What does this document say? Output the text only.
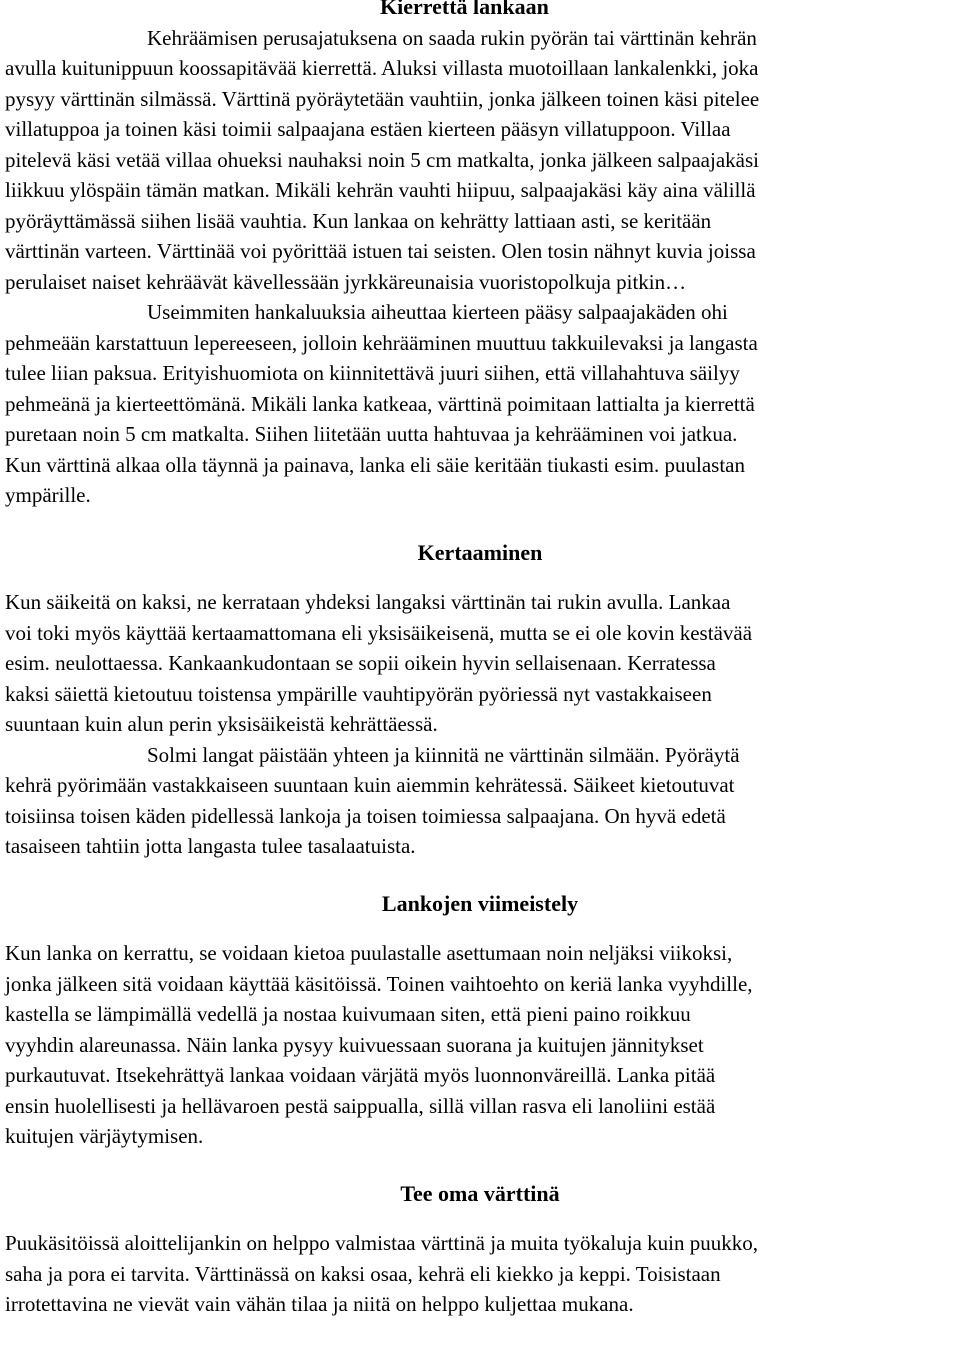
Kierrettä lankaan
Kehräämisen perusajatuksena on saada rukin pyörän tai värttinän kehrän
avulla kuitunippuun koossapitävää kierrettä. Aluksi villasta muotoillaan lankalenkki, joka
pysyy värttinän silmässä. Värttinä pyöräytetään vauhtiin, jonka jälkeen toinen käsi pitelee
villatuppoa ja toinen käsi toimii salpaajana estäen kierteen pääsyn villatuppoon. Villaa
pitelevä käsi vetää villaa ohueksi nauhaksi noin 5 cm matkalta, jonka jälkeen salpaajakäsi
liikkuu ylöspäin tämän matkan. Mikäli kehrän vauhti hiipuu, salpaajakäsi käy aina välillä
pyöräyttämässä siihen lisää vauhtia. Kun lankaa on kehrätty lattiaan asti, se keritään
värttinän varteen. Värttinää voi pyörittää istuen tai seisten. Olen tosin nähnyt kuvia joissa
perulaiset naiset kehräävät kävellessään jyrkkäreunaisia vuoristopolkuja pitkin…
Useimmiten hankaluuksia aiheuttaa kierteen pääsy salpaajakäden ohi
pehmeään karstattuun lepereeseen, jolloin kehrääminen muuttuu takkuilevaksi ja langasta
tulee liian paksua. Erityishuomiota on kiinnitettävä juuri siihen, että villahahtuva säilyy
pehmeänä ja kierteettömänä. Mikäli lanka katkeaa, värttinä poimitaan lattialta ja kierrettä
puretaan noin 5 cm matkalta. Siihen liitetään uutta hahtuvaa ja kehrääminen voi jatkua.
Kun värttinä alkaa olla täynnä ja painava, lanka eli säie keritään tiukasti esim. puulastan
ympärille.
Kertaaminen
Kun säikeitä on kaksi, ne kerrataan yhdeksi langaksi värttinän tai rukin avulla. Lankaa
voi toki myös käyttää kertaamattomana eli yksisäikeisenä, mutta se ei ole kovin kestävää
esim. neulottaessa. Kankaankudontaan se sopii oikein hyvin sellaisenaan. Kerratessa
kaksi säiettä kietoutuu toistensa ympärille vauhtipyörän pyöriessä nyt vastakkaiseen
suuntaan kuin alun perin yksisäikeistä kehrättäessä.
Solmi langat päistään yhteen ja kiinnitä ne värttinän silmään. Pyöräytä
kehrä pyörimään vastakkaiseen suuntaan kuin aiemmin kehrätessä. Säikeet kietoutuvat
toisiinsa toisen käden pidellessä lankoja ja toisen toimiessa salpaajana. On hyvä edetä
tasaiseen tahtiin jotta langasta tulee tasalaatuista.
Lankojen viimeistely
Kun lanka on kerrattu, se voidaan kietoa puulastalle asettumaan noin neljäksi viikoksi,
jonka jälkeen sitä voidaan käyttää käsitöissä. Toinen vaihtoehto on keriä lanka vyyhdille,
kastella se lämpimällä vedellä ja nostaa kuivumaan siten, että pieni paino roikkuu
vyyhdin alareunassa. Näin lanka pysyy kuivuessaan suorana ja kuitujen jännitykset
purkautuvat. Itsekehrättyä lankaa voidaan värjätä myös luonnonväreillä. Lanka pitää
ensin huolellisesti ja hellävaroen pestä saippualla, sillä villan rasva eli lanoliini estää
kuitujen värjäytymisen.
Tee oma värttinä
Puukäsitöissä aloittelijankin on helppo valmistaa värttinä ja muita työkaluja kuin puukko,
saha ja pora ei tarvita. Värttinässä on kaksi osaa, kehrä eli kiekko ja keppi. Toisistaan
irrotettavina ne vievät vain vähän tilaa ja niitä on helppo kuljettaa mukana.
